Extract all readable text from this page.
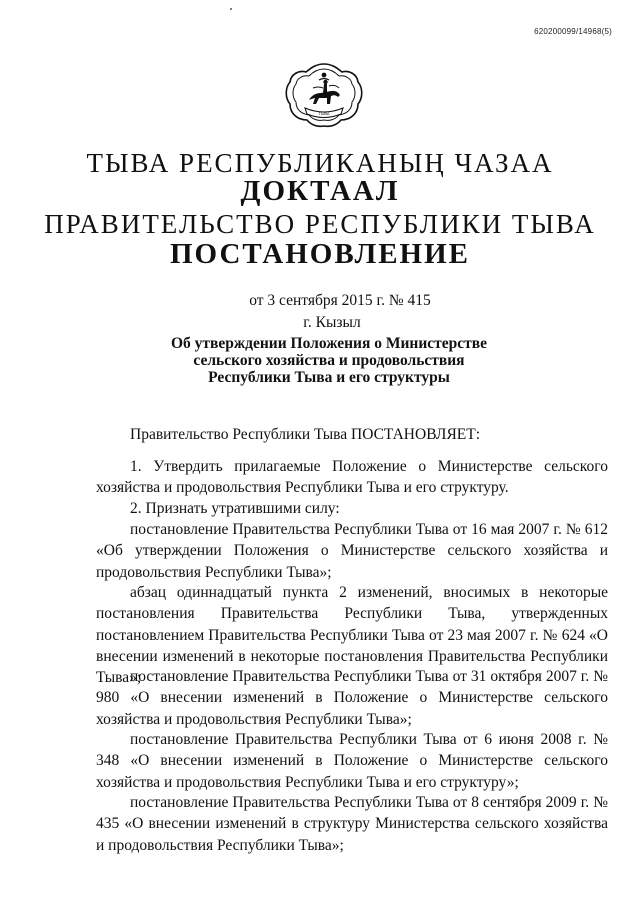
620200099/14968(5)
ТЫВА
ТЫВА РЕСПУБЛИКАНЫҢ ЧАЗАА
ДОКТААЛ
ПРАВИТЕЛЬСТВО РЕСПУБЛИКИ ТЫВА
ПОСТАНОВЛЕНИЕ
от 3 сентября 2015 г. № 415
г. Кызыл
Об утверждении Положения о Министерстве
сельского хозяйства и продовольствия
Республики Тыва и его структуры
Правительство Республики Тыва ПОСТАНОВЛЯЕТ:
1. Утвердить прилагаемые Положение о Министерстве сельского хозяйства и продовольствия Республики Тыва и его структуру.
2. Признать утратившими силу:
постановление Правительства Республики Тыва от 16 мая 2007 г. № 612 «Об утверждении Положения о Министерстве сельского хозяйства и продовольствия Республики Тыва»;
абзац одиннадцатый пункта 2 изменений, вносимых в некоторые постановления Правительства Республики Тыва, утвержденных постановлением Правительства Республики Тыва от 23 мая 2007 г. № 624 «О внесении изменений в некоторые постановления Правительства Республики Тыва»;
постановление Правительства Республики Тыва от 31 октября 2007 г. № 980 «О внесении изменений в Положение о Министерстве сельского хозяйства и продовольствия Республики Тыва»;
постановление Правительства Республики Тыва от 6 июня 2008 г. № 348 «О внесении изменений в Положение о Министерстве сельского хозяйства и продовольствия Республики Тыва и его структуру»;
постановление Правительства Республики Тыва от 8 сентября 2009 г. № 435 «О внесении изменений в структуру Министерства сельского хозяйства и продовольствия Республики Тыва»;
